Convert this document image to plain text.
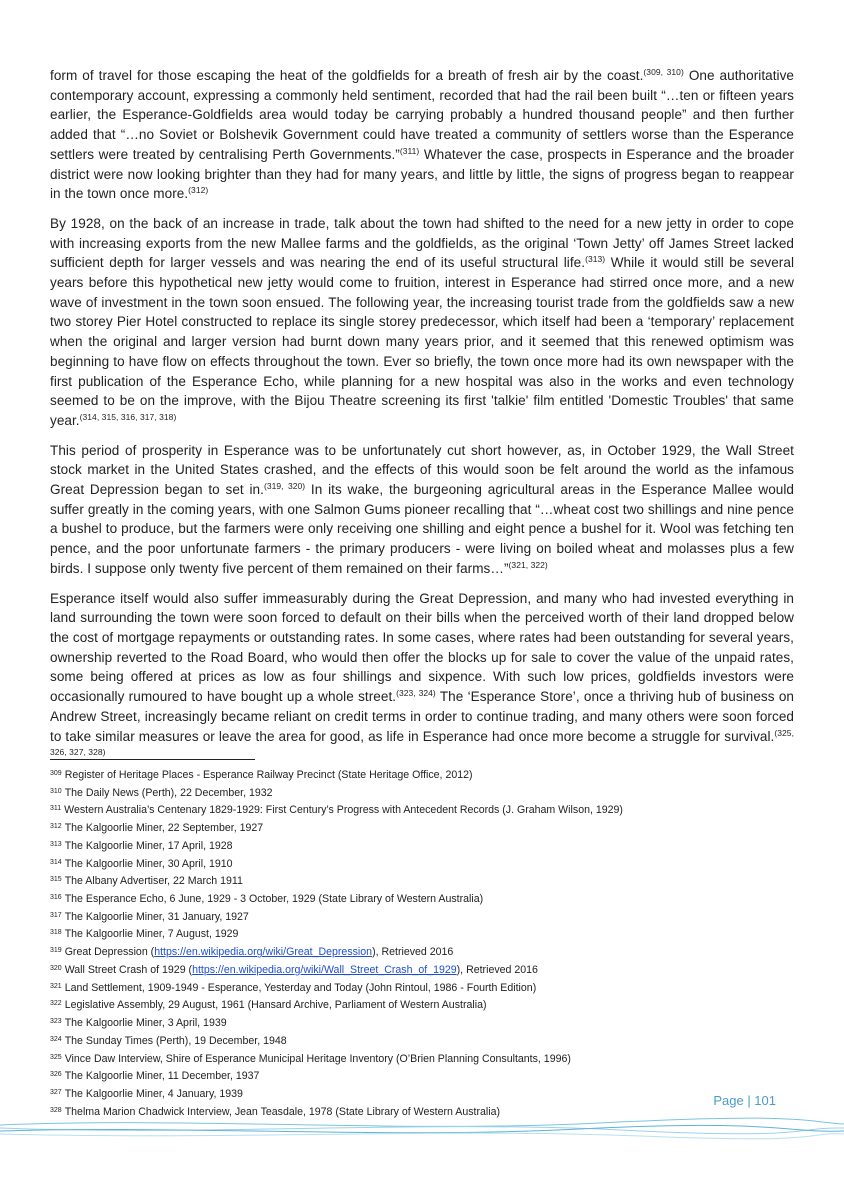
form of travel for those escaping the heat of the goldfields for a breath of fresh air by the coast.$^{(309, 310)}$ One authoritative contemporary account, expressing a commonly held sentiment, recorded that had the rail been built “…ten or fifteen years earlier, the Esperance-Goldfields area would today be carrying probably a hundred thousand people” and then further added that “…no Soviet or Bolshevik Government could have treated a community of settlers worse than the Esperance settlers were treated by centralising Perth Governments.”$^{(311)}$ Whatever the case, prospects in Esperance and the broader district were now looking brighter than they had for many years, and little by little, the signs of progress began to reappear in the town once more.$^{(312)}$

By 1928, on the back of an increase in trade, talk about the town had shifted to the need for a new jetty in order to cope with increasing exports from the new Mallee farms and the goldfields, as the original ‘Town Jetty’ off James Street lacked sufficient depth for larger vessels and was nearing the end of its useful structural life.$^{(313)}$ While it would still be several years before this hypothetical new jetty would come to fruition, interest in Esperance had stirred once more, and a new wave of investment in the town soon ensued. The following year, the increasing tourist trade from the goldfields saw a new two storey Pier Hotel constructed to replace its single storey predecessor, which itself had been a ‘temporary’ replacement when the original and larger version had burnt down many years prior, and it seemed that this renewed optimism was beginning to have flow on effects throughout the town. Ever so briefly, the town once more had its own newspaper with the first publication of the Esperance Echo, while planning for a new hospital was also in the works and even technology seemed to be on the improve, with the Bijou Theatre screening its first 'talkie' film entitled 'Domestic Troubles' that same year.$^{(314, 315, 316, 317, 318)}$

This period of prosperity in Esperance was to be unfortunately cut short however, as, in October 1929, the Wall Street stock market in the United States crashed, and the effects of this would soon be felt around the world as the infamous Great Depression began to set in.$^{(319, 320)}$ In its wake, the burgeoning agricultural areas in the Esperance Mallee would suffer greatly in the coming years, with one Salmon Gums pioneer recalling that “…wheat cost two shillings and nine pence a bushel to produce, but the farmers were only receiving one shilling and eight pence a bushel for it. Wool was fetching ten pence, and the poor unfortunate farmers - the primary producers - were living on boiled wheat and molasses plus a few birds. I suppose only twenty five percent of them remained on their farms…”$^{(321, 322)}$

Esperance itself would also suffer immeasurably during the Great Depression, and many who had invested everything in land surrounding the town were soon forced to default on their bills when the perceived worth of their land dropped below the cost of mortgage repayments or outstanding rates. In some cases, where rates had been outstanding for several years, ownership reverted to the Road Board, who would then offer the blocks up for sale to cover the value of the unpaid rates, some being offered at prices as low as four shillings and sixpence. With such low prices, goldfields investors were occasionally rumoured to have bought up a whole street.$^{(323, 324)}$ The ‘Esperance Store’, once a thriving hub of business on Andrew Street, increasingly became reliant on credit terms in order to continue trading, and many others were soon forced to take similar measures or leave the area for good, as life in Esperance had once more become a struggle for survival.$^{(325, 326, 327, 328)}$

$^{309}$ Register of Heritage Places - Esperance Railway Precinct (State Heritage Office, 2012)
$^{310}$ The Daily News (Perth), 22 December, 1932
$^{311}$ Western Australia’s Centenary 1829-1929: First Century’s Progress with Antecedent Records (J. Graham Wilson, 1929)
$^{312}$ The Kalgoorlie Miner, 22 September, 1927
$^{313}$ The Kalgoorlie Miner, 17 April, 1928
$^{314}$ The Kalgoorlie Miner, 30 April, 1910
$^{315}$ The Albany Advertiser, 22 March 1911
$^{316}$ The Esperance Echo, 6 June, 1929 - 3 October, 1929 (State Library of Western Australia)
$^{317}$ The Kalgoorlie Miner, 31 January, 1927
$^{318}$ The Kalgoorlie Miner, 7 August, 1929
$^{319}$ Great Depression (https://en.wikipedia.org/wiki/Great_Depression), Retrieved 2016
$^{320}$ Wall Street Crash of 1929 (https://en.wikipedia.org/wiki/Wall_Street_Crash_of_1929), Retrieved 2016
$^{321}$ Land Settlement, 1909-1949 - Esperance, Yesterday and Today (John Rintoul, 1986 - Fourth Edition)
$^{322}$ Legislative Assembly, 29 August, 1961 (Hansard Archive, Parliament of Western Australia)
$^{323}$ The Kalgoorlie Miner, 3 April, 1939
$^{324}$ The Sunday Times (Perth), 19 December, 1948
$^{325}$ Vince Daw Interview, Shire of Esperance Municipal Heritage Inventory (O’Brien Planning Consultants, 1996)
$^{326}$ The Kalgoorlie Miner, 11 December, 1937
$^{327}$ The Kalgoorlie Miner, 4 January, 1939
$^{328}$ Thelma Marion Chadwick Interview, Jean Teasdale, 1978 (State Library of Western Australia)
Page | 101
